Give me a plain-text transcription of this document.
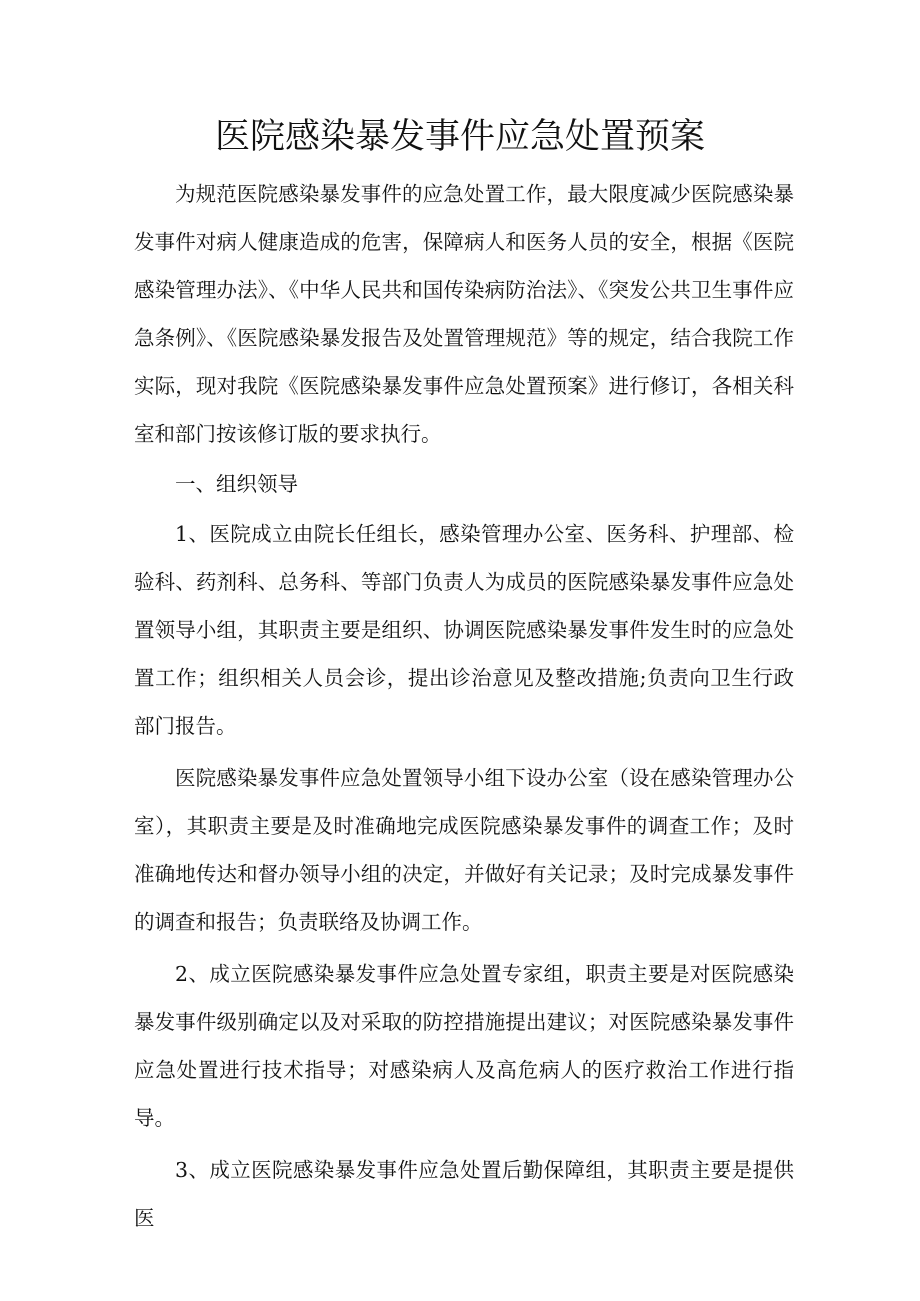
医院感染暴发事件应急处置预案

为规范医院感染暴发事件的应急处置工作，最大限度减少医院感染暴发事件对病人健康造成的危害，保障病人和医务人员的安全，根据《医院感染管理办法》、《中华人民共和国传染病防治法》、《突发公共卫生事件应急条例》、《医院感染暴发报告及处置管理规范》等的规定，结合我院工作实际，现对我院《医院感染暴发事件应急处置预案》进行修订，各相关科室和部门按该修订版的要求执行。

一、组织领导

1、医院成立由院长任组长，感染管理办公室、医务科、护理部、检验科、药剂科、总务科、等部门负责人为成员的医院感染暴发事件应急处置领导小组，其职责主要是组织、协调医院感染暴发事件发生时的应急处置工作；组织相关人员会诊，提出诊治意见及整改措施;负责向卫生行政部门报告。

医院感染暴发事件应急处置领导小组下设办公室（设在感染管理办公室），其职责主要是及时准确地完成医院感染暴发事件的调查工作；及时准确地传达和督办领导小组的决定，并做好有关记录；及时完成暴发事件的调查和报告；负责联络及协调工作。

2、成立医院感染暴发事件应急处置专家组，职责主要是对医院感染暴发事件级别确定以及对采取的防控措施提出建议；对医院感染暴发事件应急处置进行技术指导；对感染病人及高危病人的医疗救治工作进行指导。

3、成立医院感染暴发事件应急处置后勤保障组，其职责主要是提供医
